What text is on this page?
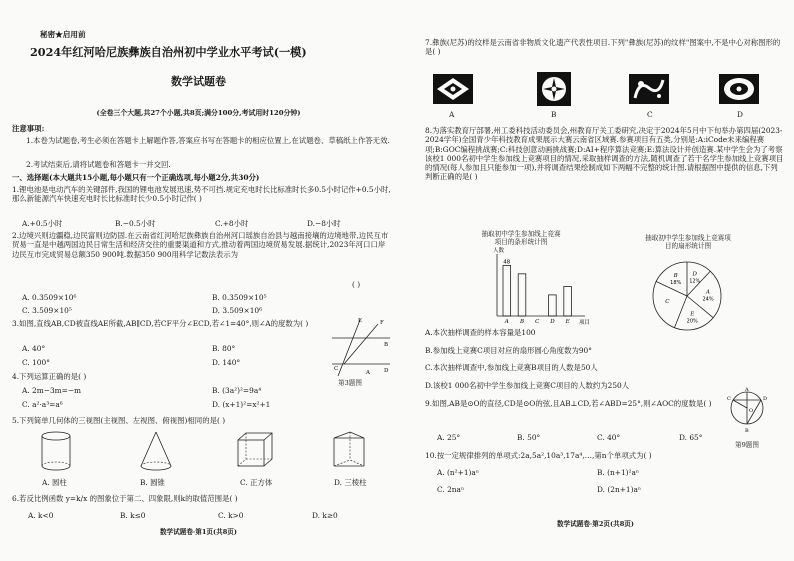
秘密★启用前
2024年红河哈尼族彝族自治州初中学业水平考试(一模)
数学试题卷
(全卷三个大题,共27个小题,共8页;满分100分,考试用时120分钟)
注意事项:
1.本卷为试题卷,考生必须在答题卡上解题作答,答案应书写在答题卡的相应位置上,在试题卷、草稿纸上作答无效.
2.考试结束后,请将试题卷和答题卡一并交回.
一、选择题(本大题共15小题,每小题只有一个正确选项,每小题2分,共30分)
1.锂电池是电动汽车的关键部件,我国的锂电池发展迅速,势不可挡.规定充电时长比标准时长多0.5小时记作+0.5小时,那么新能源汽车快速充电时长比标准时长少0.5小时记作( )
A.+0.5小时	B.−0.5小时	C.+8小时	D.−8小时
2.边境兴则边疆稳,边民富则边防固.在云南省红河哈尼族彝族自治州河口瑶族自治县与越南接壤的边境地带,边民互市贸易一直是中越两国边民日常生活和经济交往的重要渠道和方式,推动着两国边境贸易发展.据统计,2023年河口口岸边民互市完成贸易总额350 900吨.数据350 900用科学记数法表示为
( )
A. 0.3509×10⁶	B. 0.3509×10⁵
C. 3.509×10⁵	D. 3.509×10⁶
3.如图,直线AB,CD被直线AE所截,AB∥CD,若CF平分∠ECD,若∠1=40°,则∠A的度数为( )
A. 40°	B. 80°
C. 100°	D. 140°
E	F
C	D
A
B
4.下列运算正确的是( )
第3题图
A. 2m−3m=−m	B. (3a²)²=9a⁴
C. a²·a³=a⁶	D. (x+1)²=x²+1
5.下列简单几何体的三视图(主视图、左视图、俯视图)相同的是( )
A. 圆柱	B. 圆锥	C. 正方体	D. 三棱柱
6.若反比例函数 y=k/x 的图象位于第二、四象限,则k的取值范围是( )
A. k<0	B. k≤0	C. k>0	D. k≥0
数学试题卷·第1页(共8页)
7.彝族(尼苏)的纹样是云南省非物质文化遗产代表性项目.下列"彝族(尼苏)的纹样"图案中,不是中心对称图形的是( )
A	B	C	D
8.为落实教育厅部署,州工委科技活动委员会,州教育厅关工委研究,决定于2024年5月中下旬举办第四届(2023-2024学年)全国青少年科技教育成果展示大赛云南省区域赛.参赛项目有五类,分别是:A:iCode未来编程赛项;B:GOC编程挑战赛;C:科技创意动画挑战赛;D:AI+程序算法竞赛;E:算法设计并创造赛.某中学生会为了考察该校1 000名初中学生参加线上竞赛项目的情况,采取抽样调查的方法,随机调查了若干名学生参加线上竞赛项目的情况(每人参加且只能参加一项),并将调查结果绘制成如下两幅不完整的统计图.请根据图中提供的信息,下列判断正确的是( )
抽取初中学生参加线上竞赛项目的条形统计图
人数
项目
A
48
B C D E
抽取初中学生参加线上竞赛项目的扇形统计图
D
12%
A
24%
E
20%
C
B
18%
A.本次抽样调查的样本容量是100
B.参加线上竞赛C项目对应的扇形圆心角度数为90°
C.本次抽样调查中,参加线上竞赛B项目的人数是50人
D.该校1 000名初中学生参加线上竞赛C项目的人数约为250人
9.如图,AB是⊙O的直径,CD是⊙O的弦,且AB⊥CD,若∠ABD=25°,则∠AOC的度数是( )
A. 25°	B. 50°	C. 40°	D. 65°
A
B
C	D
O
第9题图
10.按一定规律排列的单项式:2a,5a²,10a³,17a⁴,…,第n个单项式为( )
A. (n²+1)aⁿ	B. (n+1)²aⁿ
C. 2naⁿ	D. (2n+1)aⁿ
数学试题卷·第2页(共8页)
